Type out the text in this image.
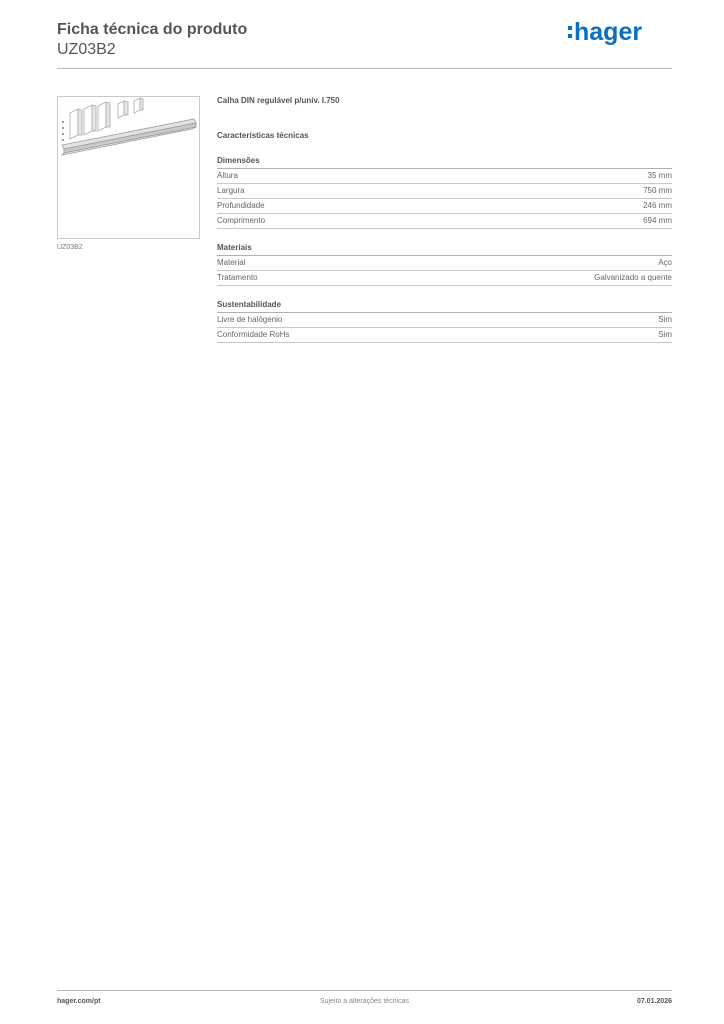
Ficha técnica do produto
UZ03B2
hager
UZ03B2
Calha DIN regulável p/univ. I.750
Características técnicas
Dimensões
Altura	35 mm
Largura	750 mm
Profundidade	246 mm
Comprimento	694 mm
Materiais
Material	Aço
Tratamento	Galvanizado a quente
Sustentabilidade
Livre de halógenio	Sim
Conformidade RoHs	Sim
hager.com/pt	Sujeito a alterações técnicas	07.01.2026
